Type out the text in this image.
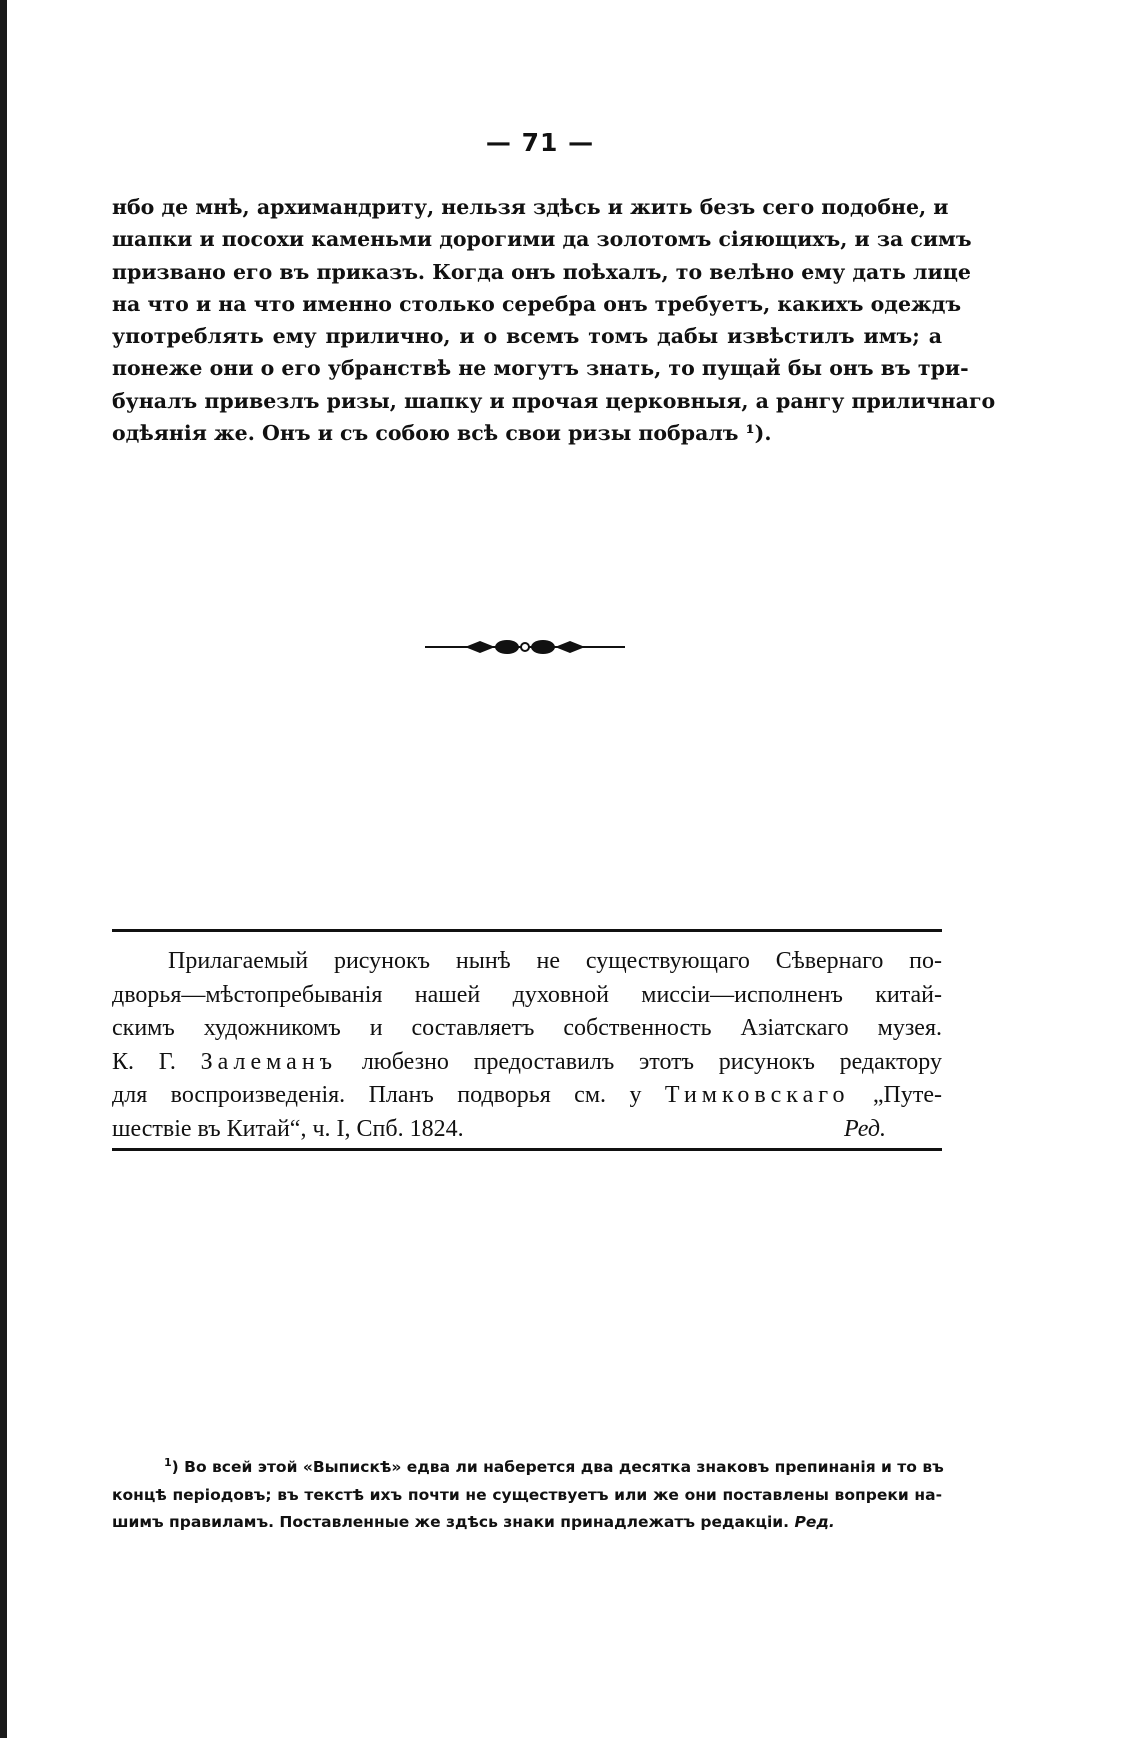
— 71 —
нбо де мнѣ, архимандриту, нельзя здѣсь и жить безъ сего подобне, и
шапки и посохи каменьми дорогими да золотомъ сіяющихъ, и за симъ
призвано его въ приказъ. Когда онъ поѣхалъ, то велѣно ему дать лице
на что и на что именно столько серебра онъ требуетъ, какихъ одеждъ
употреблять ему прилично, и о всемъ томъ дабы извѣстилъ имъ; а
понеже они о его убранствѣ не могутъ знать, то пущай бы онъ въ три-
буналъ привезлъ ризы, шапку и прочая церковныя, а рангу приличнаго
одѣянія же. Онъ и съ собою всѣ свои ризы побралъ ¹).
Прилагаемый рисунокъ нынѣ не существующаго Сѣвернаго по-
дворья—мѣстопребыванія нашей духовной миссіи—исполненъ китай-
скимъ художникомъ и составляетъ собственность Азіатскаго музея.
К. Г. Залеманъ любезно предоставилъ этотъ рисунокъ редактору
для воспроизведенія. Планъ подворья см. у Тимковскаго „Путе-
шествіе въ Китай“, ч. I, Спб. 1824.	Ред.
$^1$) Во всей этой «Выпискѣ» едва ли наберется два десятка знаковъ препинанія и то въ
концѣ періодовъ; въ текстѣ ихъ почти не существуетъ или же они поставлены вопреки на-
шимъ правиламъ. Поставленные же здѣсь знаки принадлежатъ редакціи. Ред.
